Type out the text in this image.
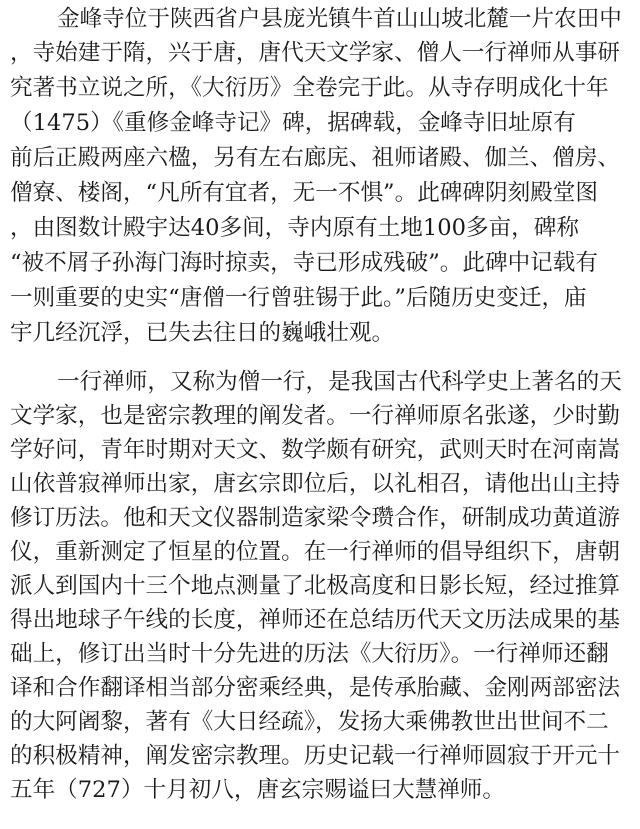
金峰寺位于陕西省户县庞光镇牛首山山坡北麓一片农田中
，寺始建于隋，兴于唐，唐代天文学家、僧人一行禅师从事研
究著书立说之所，《大衍历》全卷完于此。从寺存明成化十年
（1475）《重修金峰寺记》碑，据碑载，金峰寺旧址原有
前后正殿两座六楹，另有左右廊庑、祖师诸殿、伽兰、僧房、
僧寮、楼阁，“凡所有宜者，无一不惧”。此碑碑阴刻殿堂图
，由图数计殿宇达40多间，寺内原有土地100多亩，碑称
“被不屑子孙海门海时掠卖，寺已形成残破”。此碑中记载有
一则重要的史实“唐僧一行曾驻锡于此。”后随历史变迁，庙
宇几经沉浮，已失去往日的巍峨壮观。
一行禅师，又称为僧一行，是我国古代科学史上著名的天
文学家，也是密宗教理的阐发者。一行禅师原名张遂，少时勤
学好问，青年时期对天文、数学颇有研究，武则天时在河南嵩
山依普寂禅师出家，唐玄宗即位后，以礼相召，请他出山主持
修订历法。他和天文仪器制造家梁令瓒合作，研制成功黄道游
仪，重新测定了恒星的位置。在一行禅师的倡导组织下，唐朝
派人到国内十三个地点测量了北极高度和日影长短，经过推算
得出地球子午线的长度，禅师还在总结历代天文历法成果的基
础上，修订出当时十分先进的历法《大衍历》。一行禅师还翻
译和合作翻译相当部分密乘经典，是传承胎藏、金刚两部密法
的大阿阇黎，著有《大日经疏》，发扬大乘佛教世出世间不二
的积极精神，阐发密宗教理。历史记载一行禅师圆寂于开元十
五年（727）十月初八，唐玄宗赐谥曰大慧禅师。
